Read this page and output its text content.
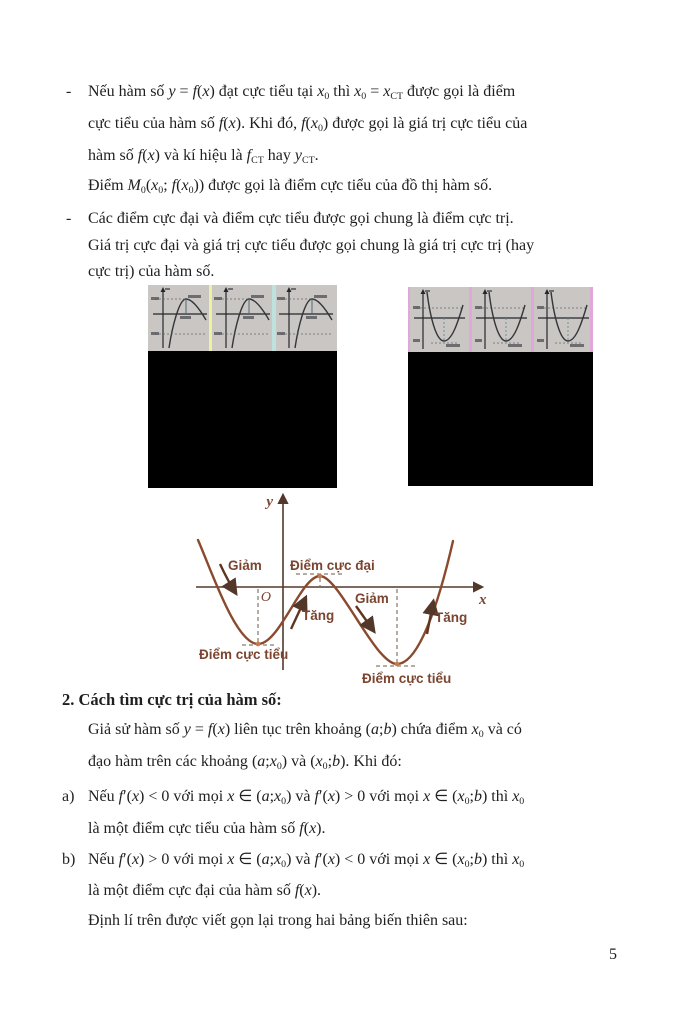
- Nếu hàm số y = f(x) đạt cực tiểu tại $x_0$ thì $x_0 = x_{CT}$ được gọi là điểm
cực tiểu của hàm số f(x). Khi đó, $f(x_0)$ được gọi là giá trị cực tiểu của
hàm số f(x) và kí hiệu là $f_{CT}$ hay $y_{CT}$.
Điểm $M_0(x_0$; $f(x_0)$) được gọi là điểm cực tiểu của đồ thị hàm số.
- Các điểm cực đại và điểm cực tiểu được gọi chung là điểm cực trị.
Giá trị cực đại và giá trị cực tiểu được gọi chung là giá trị cực trị (hay
cực trị) của hàm số.
y
x
O
Giảm Điểm cực đại
Tăng
Giảm
Tăng
Điểm cực tiểu
Điểm cực tiểu
2. Cách tìm cực trị của hàm số:
Giả sử hàm số y = f(x) liên tục trên khoảng (a;b) chứa điểm $x_0$ và có
đạo hàm trên các khoảng $(a;x_0)$ và $(x_0;b)$. Khi đó:
a) Nếu f′(x) < 0 với mọi x ∈ $(a;x_0)$ và f′(x) > 0 với mọi x ∈ $(x_0;b)$ thì $x_0$
là một điểm cực tiểu của hàm số f(x).
b) Nếu f′(x) > 0 với mọi x ∈ $(a;x_0)$ và f′(x) < 0 với mọi x ∈ $(x_0;b)$ thì $x_0$
là một điểm cực đại của hàm số f(x).
Định lí trên được viết gọn lại trong hai bảng biến thiên sau:
5
